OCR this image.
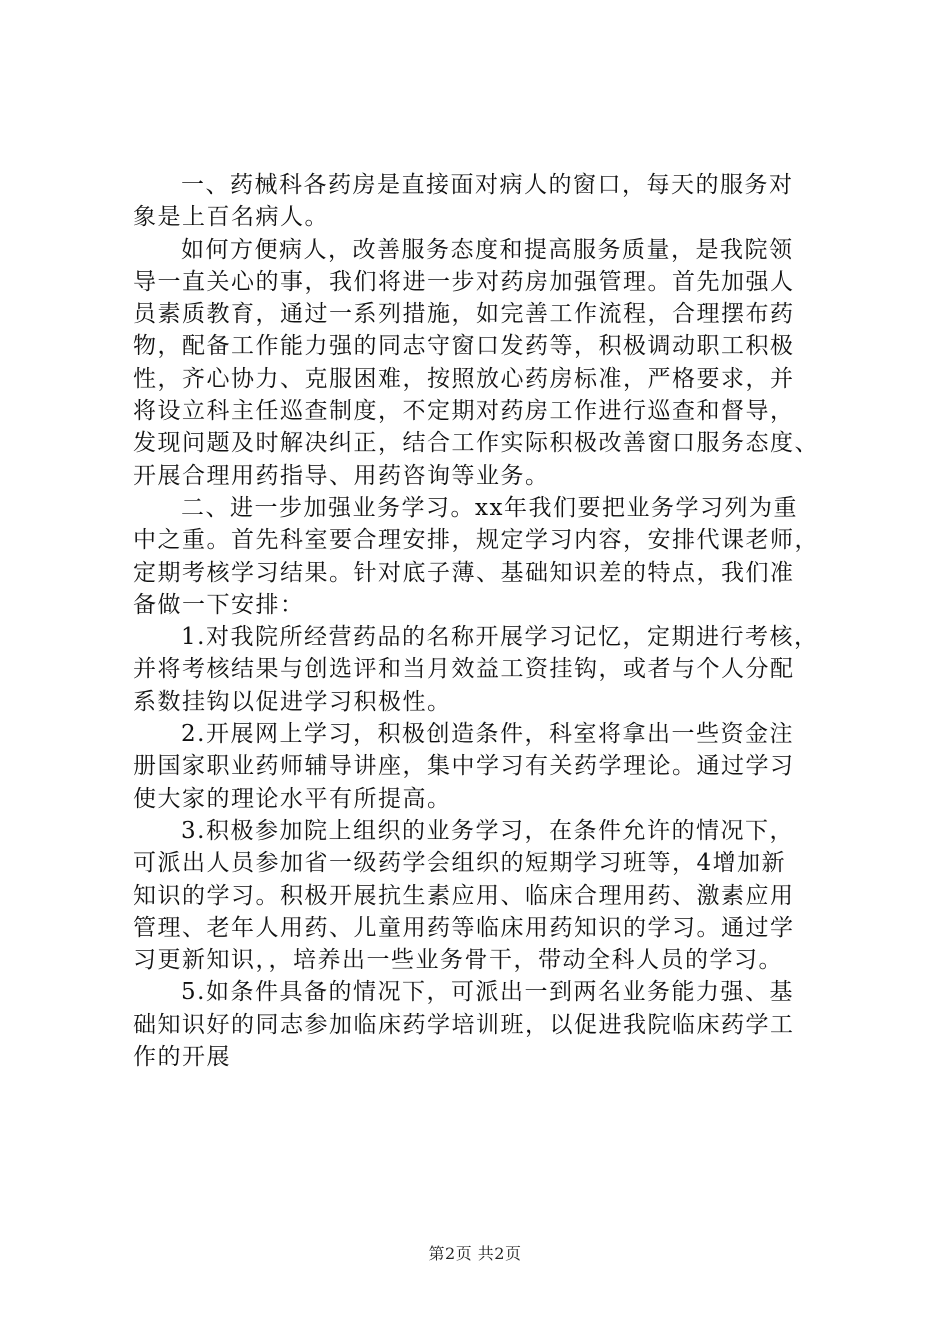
一、药械科各药房是直接面对病人的窗口，每天的服务对
象是上百名病人。
如何方便病人，改善服务态度和提高服务质量，是我院领
导一直关心的事，我们将进一步对药房加强管理。首先加强人
员素质教育，通过一系列措施，如完善工作流程，合理摆布药
物，配备工作能力强的同志守窗口发药等，积极调动职工积极
性，齐心协力、克服困难，按照放心药房标准，严格要求，并
将设立科主任巡查制度，不定期对药房工作进行巡查和督导，
发现问题及时解决纠正，结合工作实际积极改善窗口服务态度、
开展合理用药指导、用药咨询等业务。
二、进一步加强业务学习。xx年我们要把业务学习列为重
中之重。首先科室要合理安排，规定学习内容，安排代课老师，
定期考核学习结果。针对底子薄、基础知识差的特点，我们准
备做一下安排：
1.对我院所经营药品的名称开展学习记忆，定期进行考核，
并将考核结果与创选评和当月效益工资挂钩，或者与个人分配
系数挂钩以促进学习积极性。
2.开展网上学习，积极创造条件，科室将拿出一些资金注
册国家职业药师辅导讲座，集中学习有关药学理论。通过学习
使大家的理论水平有所提高。
3.积极参加院上组织的业务学习，在条件允许的情况下，
可派出人员参加省一级药学会组织的短期学习班等，4增加新
知识的学习。积极开展抗生素应用、临床合理用药、激素应用
管理、老年人用药、儿童用药等临床用药知识的学习。通过学
习更新知识，，培养出一些业务骨干，带动全科人员的学习。
5.如条件具备的情况下，可派出一到两名业务能力强、基
础知识好的同志参加临床药学培训班，以促进我院临床药学工
作的开展
第2页 共2页
